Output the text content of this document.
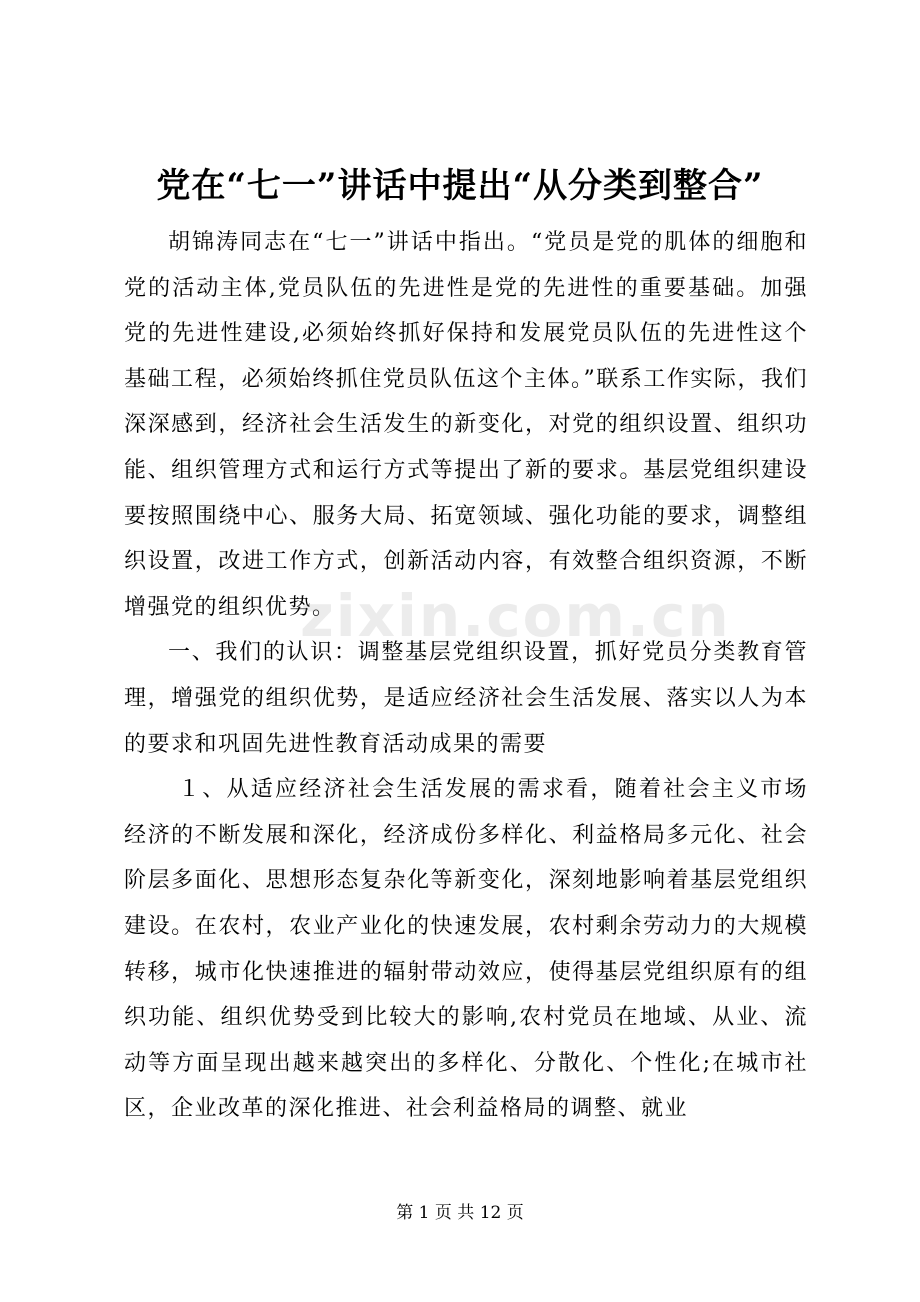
党在“七一”讲话中提出“从分类到整合”

胡锦涛同志在“七一”讲话中指出。“党员是党的肌体的细胞和党的活动主体,党员队伍的先进性是党的先进性的重要基础。加强党的先进性建设,必须始终抓好保持和发展党员队伍的先进性这个基础工程，必须始终抓住党员队伍这个主体。”联系工作实际，我们深深感到，经济社会生活发生的新变化，对党的组织设置、组织功能、组织管理方式和运行方式等提出了新的要求。基层党组织建设要按照围绕中心、服务大局、拓宽领域、强化功能的要求，调整组织设置，改进工作方式，创新活动内容，有效整合组织资源，不断增强党的组织优势。

一、我们的认识：调整基层党组织设置，抓好党员分类教育管理，增强党的组织优势，是适应经济社会生活发展、落实以人为本的要求和巩固先进性教育活动成果的需要

１、从适应经济社会生活发展的需求看，随着社会主义市场经济的不断发展和深化，经济成份多样化、利益格局多元化、社会阶层多面化、思想形态复杂化等新变化，深刻地影响着基层党组织建设。在农村，农业产业化的快速发展，农村剩余劳动力的大规模转移，城市化快速推进的辐射带动效应，使得基层党组织原有的组织功能、组织优势受到比较大的影响,农村党员在地域、从业、流动等方面呈现出越来越突出的多样化、分散化、个性化;在城市社区，企业改革的深化推进、社会利益格局的调整、就业

zixin.com.cn
第 1 页 共 12 页
